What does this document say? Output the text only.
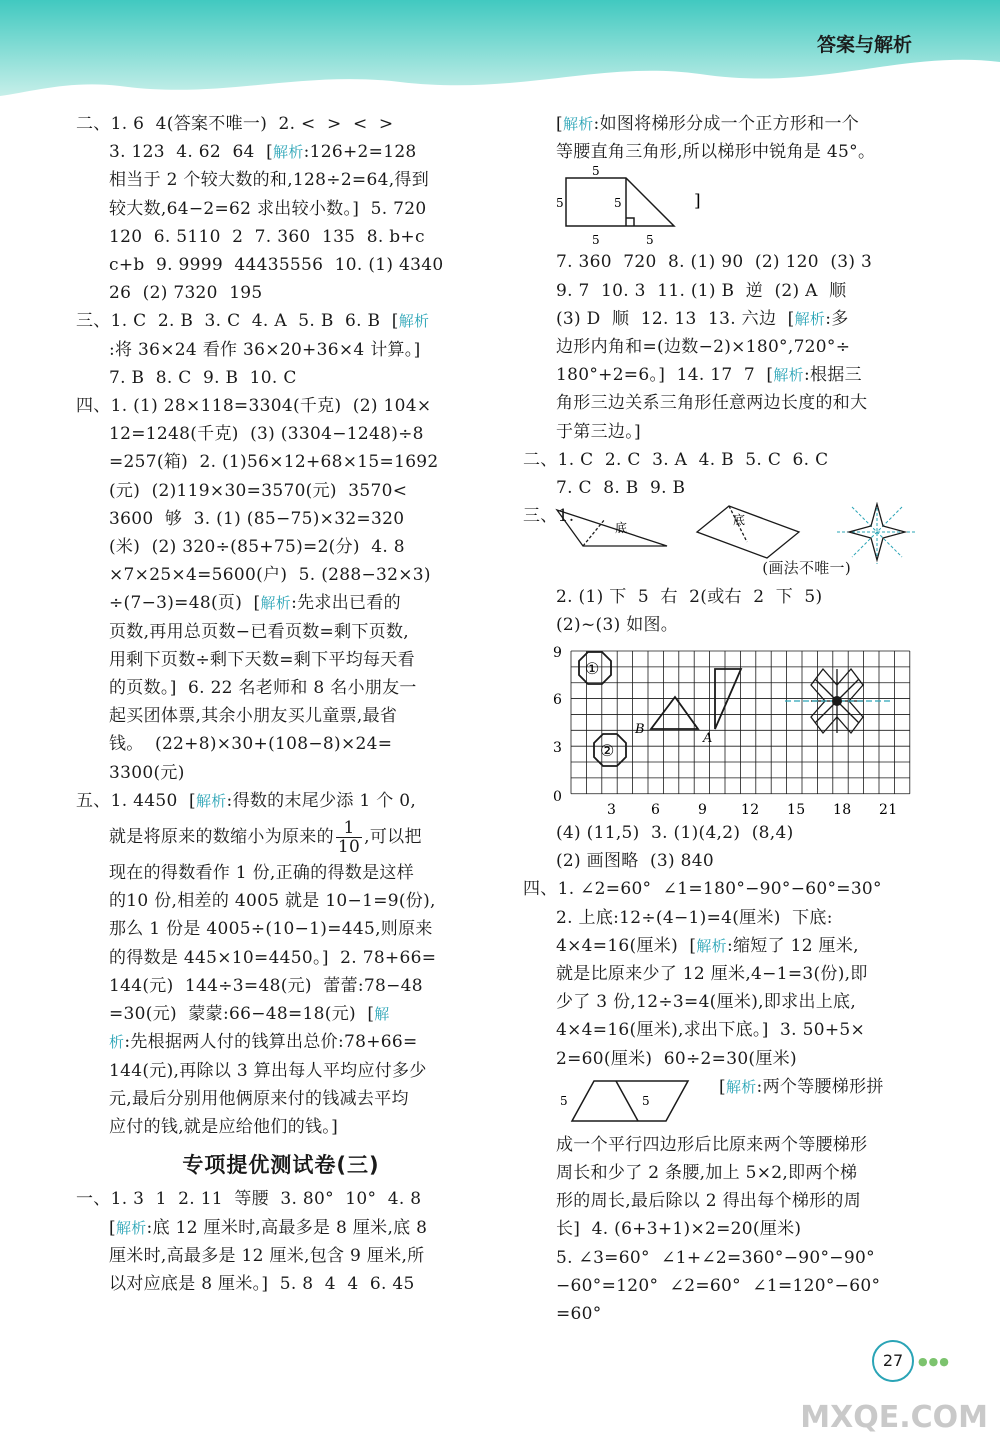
答案与解析

二、1. 6  4(答案不唯一)  2. <  >  <  >

3. 123  4. 62  64  [解析:126+2=128

相当于 2 个较大数的和,128÷2=64,得到

较大数,64−2=62 求出较小数。]  5. 720

120  6. 5110  2  7. 360  135  8. b+c

c+b  9. 9999  44435556  10. (1) 4340

26  (2) 7320  195

三、1. C  2. B  3. C  4. A  5. B  6. B  [解析

:将 36×24 看作 36×20+36×4 计算。]

7. B  8. C  9. B  10. C

四、1. (1) 28×118=3304(千克)  (2) 104×

12=1248(千克)  (3) (3304−1248)÷8

=257(箱)  2. (1)56×12+68×15=1692

(元)  (2)119×30=3570(元)  3570<

3600  够  3. (1) (85−75)×32=320

(米)  (2) 320÷(85+75)=2(分)  4. 8

×7×25×4=5600(户)  5. (288−32×3)

÷(7−3)=48(页)  [解析:先求出已看的

页数,再用总页数−已看页数=剩下页数,

用剩下页数÷剩下天数=剩下平均每天看

的页数。]  6. 22 名老师和 8 名小朋友一

起买团体票,其余小朋友买儿童票,最省

钱。  (22+8)×30+(108−8)×24=

3300(元)

五、1. 4450  [解析:得数的末尾少添 1 个 0,

就是将原来的数缩小为原来的 $\frac{1}{10}$ ,可以把

现在的得数看作 1 份,正确的得数是这样

的10 份,相差的 4005 就是 10−1=9(份),

那么 1 份是 4005÷(10−1)=445,则原来

的得数是 445×10=4450。]  2. 78+66=

144(元)  144÷3=48(元)  蕾蕾:78−48

=30(元)  蒙蒙:66−48=18(元)  [解

析:先根据两人付的钱算出总价:78+66=

144(元),再除以 3 算出每人平均应付多少

元,最后分别用他俩原来付的钱减去平均

应付的钱,就是应给他们的钱。]

专项提优测试卷(三)

一、1. 3  1  2. 11  等腰  3. 80°  10°  4. 8

[解析:底 12 厘米时,高最多是 8 厘米,底 8

厘米时,高最多是 12 厘米,包含 9 厘米,所

以对应底是 8 厘米。]  5. 8  4  4  6. 45

[解析:如图将梯形分成一个正方形和一个

等腰直角三角形,所以梯形中锐角是 45°。

5
5	5
5	5
]

7. 360  720  8. (1) 90  (2) 120  (3) 3

9. 7  10. 3  11. (1) B  逆  (2) A  顺

(3) D  顺  12. 13  13. 六边  [解析:多

边形内角和=(边数−2)×180°,720°÷

180°+2=6。]  14. 17  7  [解析:根据三

角形三边关系三角形任意两边长度的和大

于第三边。]

二、1. C  2. C  3. A  4. B  5. C  6. C

7. C  8. B  9. B

三、1.

底
底

(画法不唯一)

2. (1) 下  5  右  2(或右  2  下  5)

(2)~(3) 如图。

9
6
3
0
3 6	9 12 15 18 21
①
②
B
A

(4) (11,5)  3. (1)(4,2)  (8,4)

(2) 画图略  (3) 840

四、1. ∠2=60°  ∠1=180°−90°−60°=30°

2. 上底:12÷(4−1)=4(厘米)  下底:

4×4=16(厘米)  [解析:缩短了 12 厘米,

就是比原来少了 12 厘米,4−1=3(份),即

少了 3 份,12÷3=4(厘米),即求出上底,

4×4=16(厘米),求出下底。]  3. 50+5×

2=60(厘米)  60÷2=30(厘米)

5	5

[解析:两个等腰梯形拼

成一个平行四边形后比原来两个等腰梯形

周长和少了 2 条腰,加上 5×2,即两个梯

形的周长,最后除以 2 得出每个梯形的周

长]  4. (6+3+1)×2=20(厘米)

5. ∠3=60°  ∠1+∠2=360°−90°−90°

−60°=120°  ∠2=60°  ∠1=120°−60°

=60°

27	●●●
MXQE.COM
